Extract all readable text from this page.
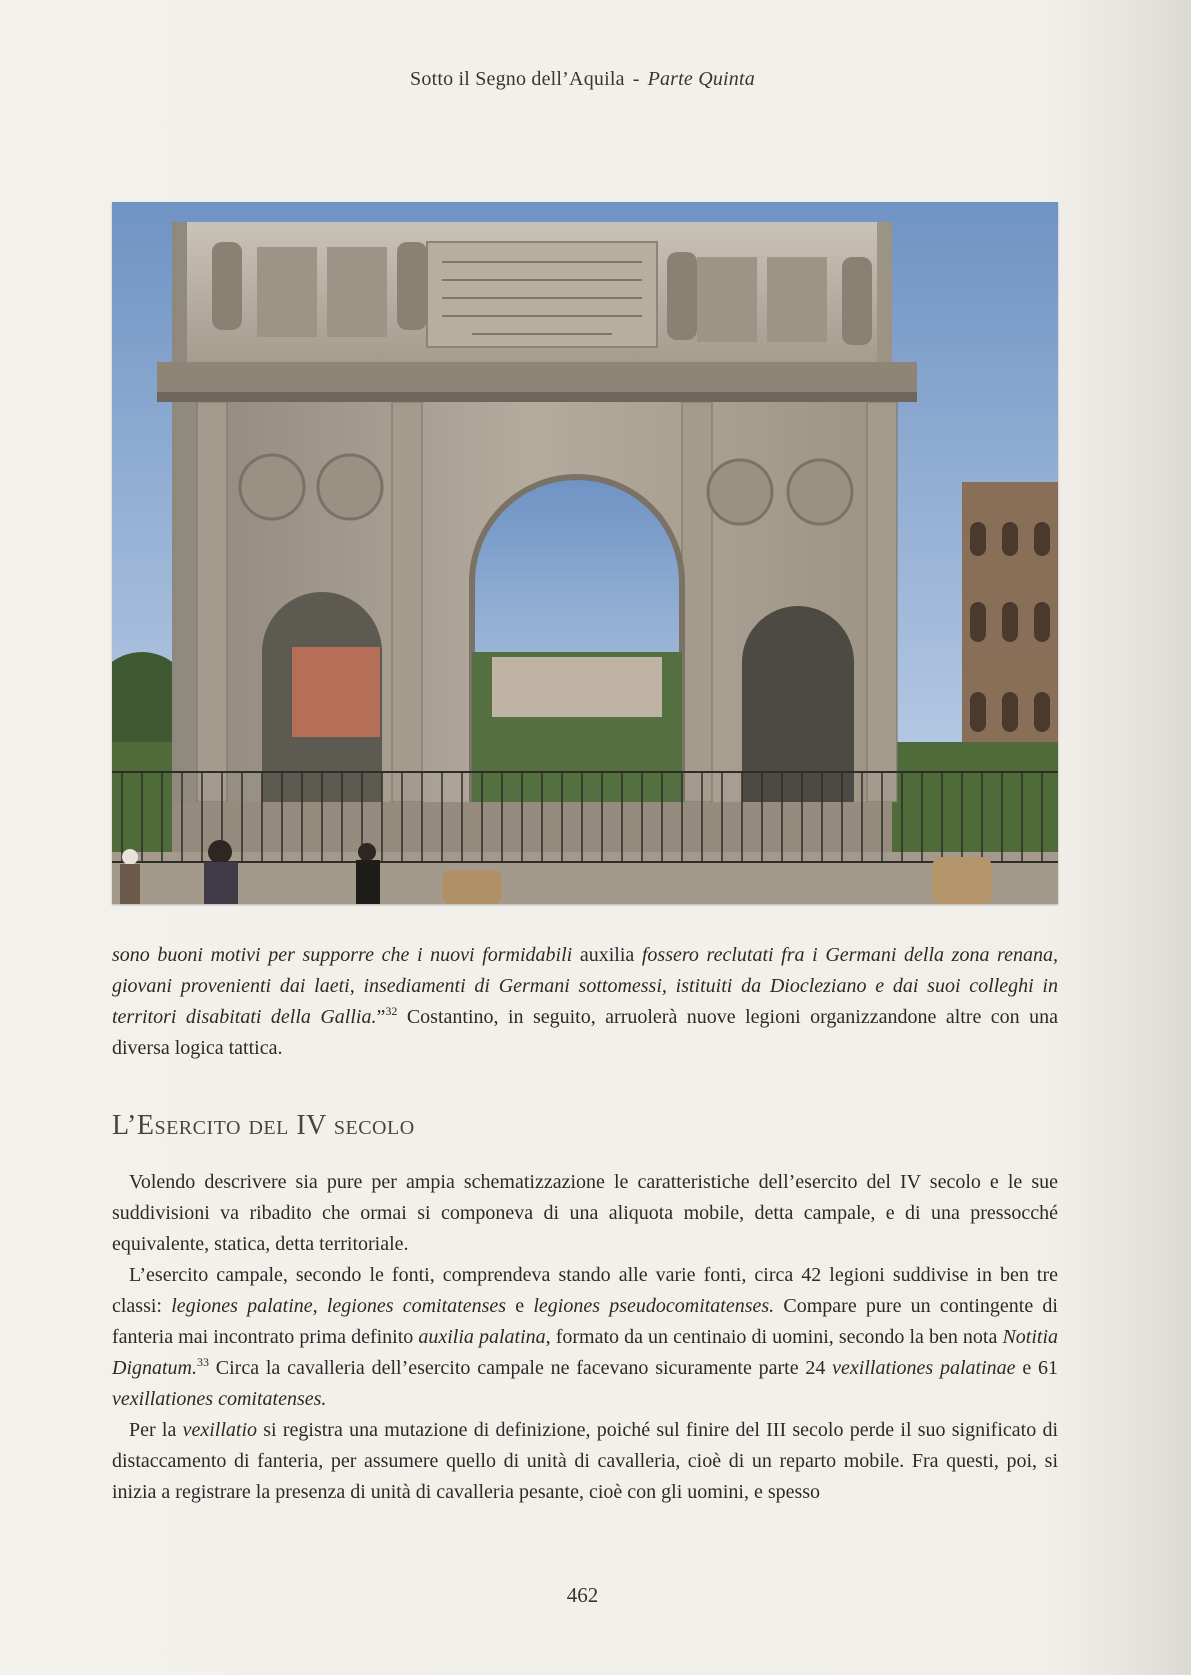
Sotto il Segno dell’Aquila - Parte Quinta
sono buoni motivi per supporre che i nuovi formidabili auxilia fossero reclutati fra i Germani della zona renana, giovani provenienti dai laeti, insediamenti di Germani sottomessi, istituiti da Diocleziano e dai suoi colleghi in territori disabitati della Gallia.”$^{32}$ Costantino, in seguito, arruolerà nuove legioni organizzandone altre con una diversa logica tattica.
L’Esercito del IV secolo

Volendo descrivere sia pure per ampia schematizzazione le caratteristiche dell’esercito del IV secolo e le sue suddivisioni va ribadito che ormai si componeva di una aliquota mobile, detta campale, e di una pressocché equivalente, statica, detta territoriale.

L’esercito campale, secondo le fonti, comprendeva stando alle varie fonti, circa 42 legioni suddivise in ben tre classi: legiones palatine, legiones comitatenses e legiones pseudocomitatenses. Compare pure un contingente di fanteria mai incontrato prima definito auxilia palatina, formato da un centinaio di uomini, secondo la ben nota Notitia Dignatum.$^{33}$ Circa la cavalleria dell’esercito campale ne facevano sicuramente parte 24 vexillationes palatinae e 61 vexillationes comitatenses.

Per la vexillatio si registra una mutazione di definizione, poiché sul finire del III secolo perde il suo significato di distaccamento di fanteria, per assumere quello di unità di cavalleria, cioè di un reparto mobile. Fra questi, poi, si inizia a registrare la presenza di unità di cavalleria pesante, cioè con gli uomini, e spesso

462
